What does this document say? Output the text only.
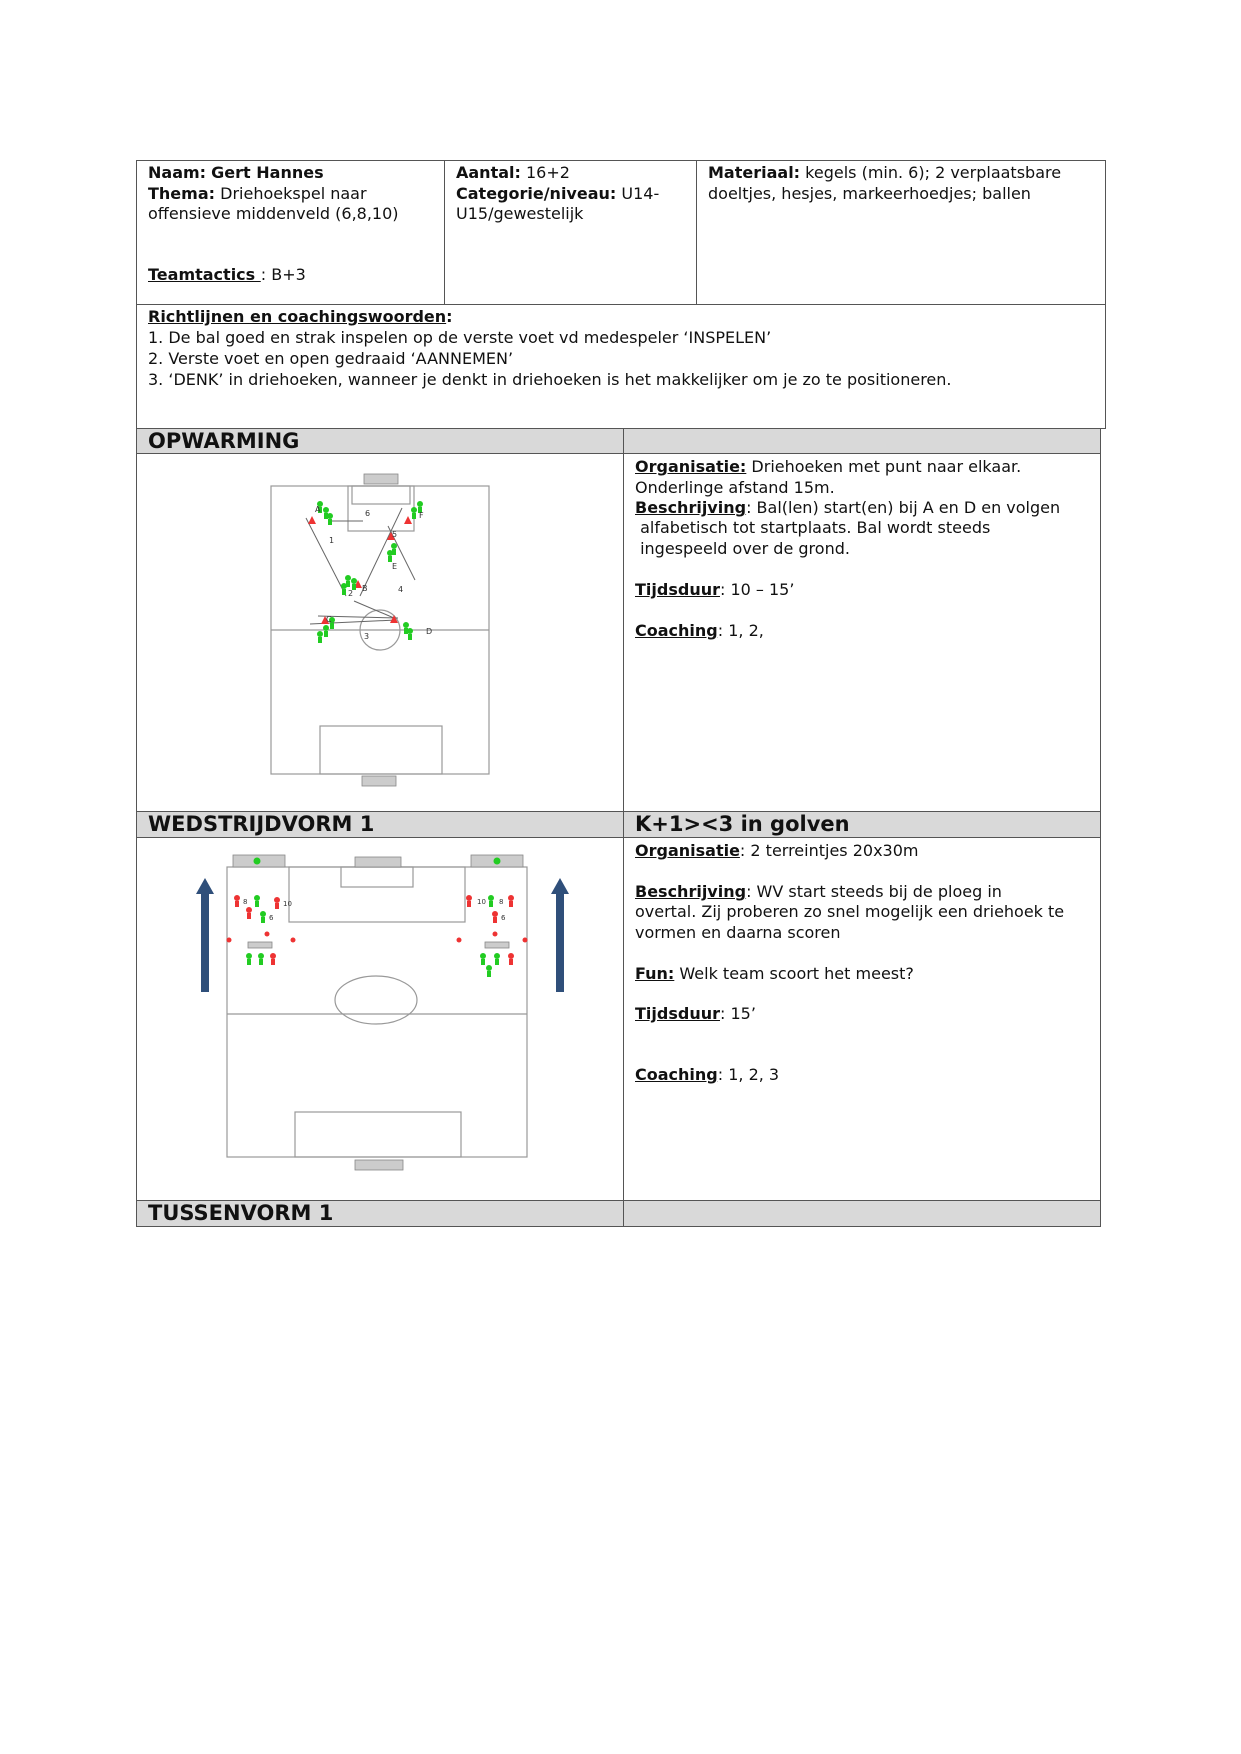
Naam: Gert Hannes
Thema: Driehoekspel naar
offensieve middenveld (6,8,10)
Teamtactics : B+3
Aantal: 16+2
Categorie/niveau: U14-
U15/gewestelijk
Materiaal: kegels (min. 6); 2 verplaatsbare
doeltjes, hesjes, markeerhoedjes; ballen
Richtlijnen en coachingswoorden:
1. De bal goed en strak inspelen op de verste voet vd medespeler ‘INSPELEN’
2. Verste voet en open gedraaid ‘AANNEMEN’
3. ‘DENK’ in driehoeken, wanneer je denkt in driehoeken is het makkelijker om je zo te positioneren.
OPWARMING
A
F
6
5
1
E
B
2	4
C
3
D
Organisatie: Driehoeken met punt naar elkaar.
Onderlinge afstand 15m.
Beschrijving: Bal(len) start(en) bij A en D en volgen
alfabetisch tot startplaats. Bal wordt steeds
ingespeeld over de grond.
Tijdsduur: 10 – 15’
Coaching: 1, 2,
WEDSTRIJDVORM 1	K+1><3 in golven
8	10
6
10 8
6
Organisatie: 2 terreintjes 20x30m
Beschrijving: WV start steeds bij de ploeg in
overtal. Zij proberen zo snel mogelijk een driehoek te
vormen en daarna scoren
Fun: Welk team scoort het meest?
Tijdsduur: 15’
Coaching: 1, 2, 3
TUSSENVORM 1
